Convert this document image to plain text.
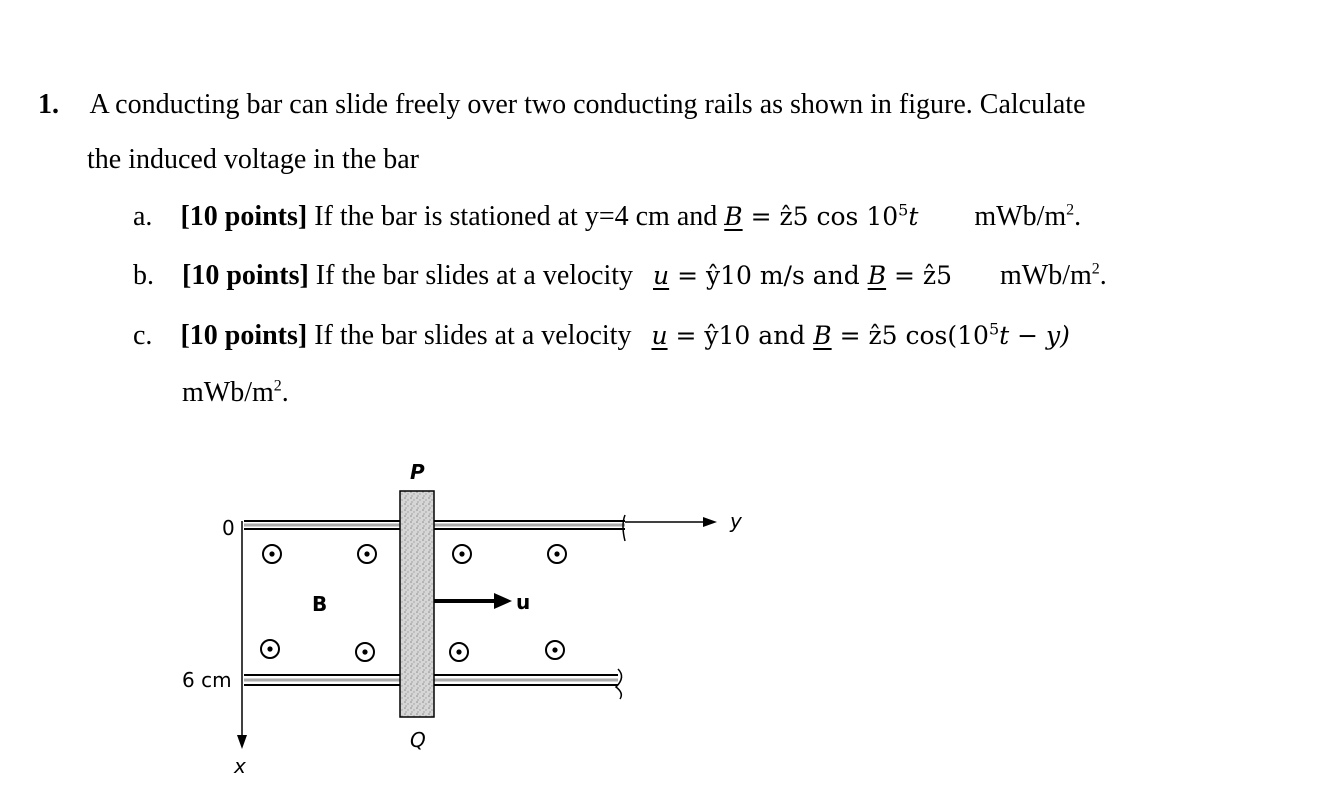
1. A conducting bar can slide freely over two conducting rails as shown in figure. Calculate
the induced voltage in the bar
a. [10 points] If the bar is stationed at y=4 cm and B = ẑ5 $\cos 10^5t$ mWb/$m^2$.
b. [10 points] If the bar slides at a velocity u = ŷ10 m/s and B = ẑ5 mWb/$m^2$.
c. [10 points] If the bar slides at a velocity u = ŷ10 and B = ẑ5 $\cos(10^5t - y)$
mWb/$m^2$.
y
x
0
6 cm
P
Q
u
B
